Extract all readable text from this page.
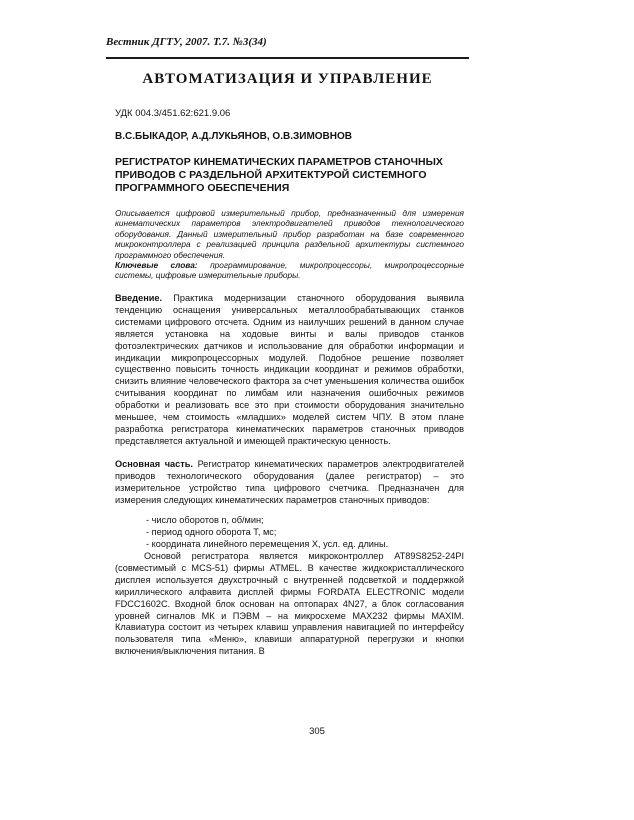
Вестник ДГТУ, 2007. Т.7. №3(34)
АВТОМАТИЗАЦИЯ И УПРАВЛЕНИЕ
УДК 004.3/451.62:621.9.06
В.С.БЫКАДОР, А.Д.ЛУКЬЯНОВ, О.В.ЗИМОВНОВ
РЕГИСТРАТОР КИНЕМАТИЧЕСКИХ ПАРАМЕТРОВ СТАНОЧНЫХ ПРИВОДОВ С РАЗДЕЛЬНОЙ АРХИТЕКТУРОЙ СИСТЕМНОГО ПРОГРАММНОГО ОБЕСПЕЧЕНИЯ
Описывается цифровой измерительный прибор, предназначенный для измерения кинематических параметров электродвигателей приводов технологического оборудования. Данный измерительный прибор разработан на базе современного микроконтроллера с реализацией принципа раздельной архитектуры системного программного обеспечения.
Ключевые слова: программирование, микропроцессоры, микропроцессорные системы, цифровые измерительные приборы.
Введение. Практика модернизации станочного оборудования выявила тенденцию оснащения универсальных металлообрабатывающих станков системами цифрового отсчета. Одним из наилучших решений в данном случае является установка на ходовые винты и валы приводов станков фотоэлектрических датчиков и использование для обработки информации и индикации микропроцессорных модулей. Подобное решение позволяет существенно повысить точность индикации координат и режимов обработки, снизить влияние человеческого фактора за счет уменьшения количества ошибок считывания координат по лимбам или назначения ошибочных режимов обработки и реализовать все это при стоимости оборудования значительно меньшее, чем стоимость «младших» моделей систем ЧПУ. В этом плане разработка регистратора кинематических параметров станочных приводов представляется актуальной и имеющей практическую ценность.
Основная часть. Регистратор кинематических параметров электродвигателей приводов технологического оборудования (далее регистратор) – это измерительное устройство типа цифрового счетчика. Предназначен для измерения следующих кинематических параметров станочных приводов:
- число оборотов n, об/мин;
- период одного оборота Т, мс;
- координата линейного перемещения Х, усл. ед. длины.
Основой регистратора является микроконтроллер AT89S8252-24PI (совместимый с MCS-51) фирмы ATMEL. В качестве жидкокристаллического дисплея используется двухстрочный с внутренней подсветкой и поддержкой кириллического алфавита дисплей фирмы FORDATA ELECTRONIC модели FDCC1602C. Входной блок основан на оптопарах 4N27, а блок согласования уровней сигналов МК и ПЭВМ – на микросхеме MAX232 фирмы MAXIM. Клавиатура состоит из четырех клавиш управления навигацией по интерфейсу пользователя типа «Меню», клавиши аппаратурной перегрузки и кнопки включения/выключения питания. В
305
